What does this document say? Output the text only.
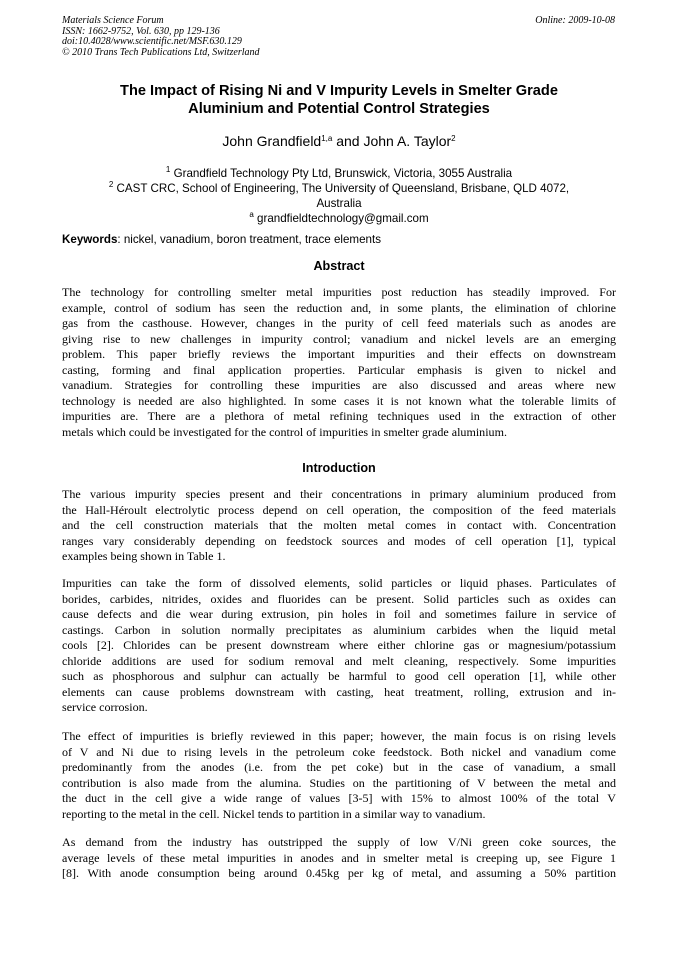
Materials Science Forum
ISSN: 1662-9752, Vol. 630, pp 129-136
doi:10.4028/www.scientific.net/MSF.630.129
© 2010 Trans Tech Publications Ltd, Switzerland
Online: 2009-10-08
The Impact of Rising Ni and V Impurity Levels in Smelter Grade
Aluminium and Potential Control Strategies
John Grandfield$^{1,a}$ and John A. Taylor$^2$
$^1$ Grandfield Technology Pty Ltd, Brunswick, Victoria, 3055 Australia
$^2$ CAST CRC, School of Engineering, The University of Queensland, Brisbane, QLD 4072,
Australia
$^a$ grandfieldtechnology@gmail.com
Keywords: nickel, vanadium, boron treatment, trace elements
Abstract
The technology for controlling smelter metal impurities post reduction has steadily improved. For
example, control of sodium has seen the reduction and, in some plants, the elimination of chlorine
gas from the casthouse. However, changes in the purity of cell feed materials such as anodes are
giving rise to new challenges in impurity control; vanadium and nickel levels are an emerging
problem. This paper briefly reviews the important impurities and their effects on downstream
casting, forming and final application properties. Particular emphasis is given to nickel and
vanadium. Strategies for controlling these impurities are also discussed and areas where new
technology is needed are also highlighted. In some cases it is not known what the tolerable limits of
impurities are. There are a plethora of metal refining techniques used in the extraction of other
metals which could be investigated for the control of impurities in smelter grade aluminium.
Introduction
The various impurity species present and their concentrations in primary aluminium produced from
the Hall-Héroult electrolytic process depend on cell operation, the composition of the feed materials
and the cell construction materials that the molten metal comes in contact with. Concentration
ranges vary considerably depending on feedstock sources and modes of cell operation [1], typical
examples being shown in Table 1.
Impurities can take the form of dissolved elements, solid particles or liquid phases. Particulates of
borides, carbides, nitrides, oxides and fluorides can be present. Solid particles such as oxides can
cause defects and die wear during extrusion, pin holes in foil and sometimes failure in service of
castings. Carbon in solution normally precipitates as aluminium carbides when the liquid metal
cools [2]. Chlorides can be present downstream where either chlorine gas or magnesium/potassium
chloride additions are used for sodium removal and melt cleaning, respectively. Some impurities
such as phosphorous and sulphur can actually be harmful to good cell operation [1], while other
elements can cause problems downstream with casting, heat treatment, rolling, extrusion and in-
service corrosion.
The effect of impurities is briefly reviewed in this paper; however, the main focus is on rising levels
of V and Ni due to rising levels in the petroleum coke feedstock. Both nickel and vanadium come
predominantly from the anodes (i.e. from the pet coke) but in the case of vanadium, a small
contribution is also made from the alumina. Studies on the partitioning of V between the metal and
the duct in the cell give a wide range of values [3-5] with 15% to almost 100% of the total V
reporting to the metal in the cell. Nickel tends to partition in a similar way to vanadium.
As demand from the industry has outstripped the supply of low V/Ni green coke sources, the
average levels of these metal impurities in anodes and in smelter metal is creeping up, see Figure 1
[8]. With anode consumption being around 0.45kg per kg of metal, and assuming a 50% partition
